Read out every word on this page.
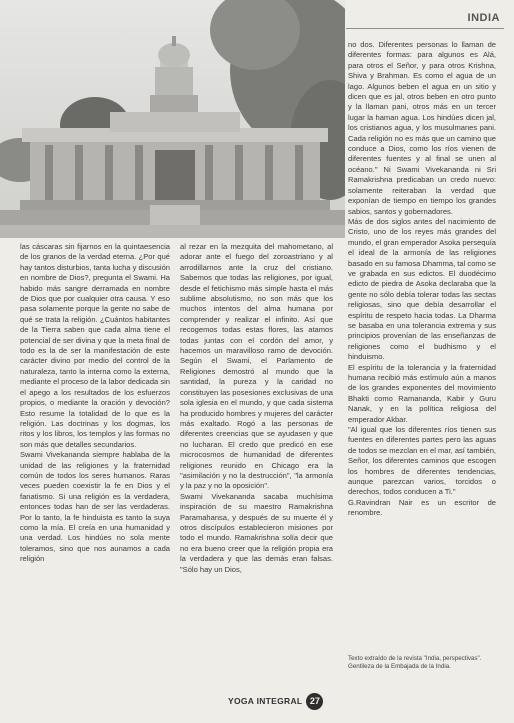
INDIA

las cáscaras sin fijarnos en la quintaesencia de los granos de la verdad eterna. ¿Por qué hay tantos disturbios, tanta lucha y discusión en nombre de Dios?, pregunta el Swami. Ha habido más sangre derramada en nombre de Dios que por cualquier otra causa. Y eso pasa solamente porque la gente no sabe de qué se trata la religión. ¿Cuántos habitantes de la Tierra saben que cada alma tiene el potencial de ser divina y que la meta final de todo es la de ser la manifestación de este carácter divino por medio del control de la naturaleza, tanto la interna como la externa, mediante el proceso de la labor dedicada sin el apego a los resultados de los esfuerzos propios, o mediante la oración y devoción? Esto resume la totalidad de lo que es la religión. Las doctrinas y los dogmas, los ritos y los libros, los templos y las formas no son más que detalles secundarios.

Swami Vivekananda siempre hablaba de la unidad de las religiones y la fraternidad común de todos los seres humanos. Raras veces pueden coexistir la fe en Dios y el fanatismo. Si una religión es la verdadera, entonces todas han de ser las verdaderas. Por lo tanto, la fe hinduista es tanto la suya como la mía. El creía en una humanidad y una verdad. Los hindúes no sola mente toleramos, sino que nos aunamos a cada religión

al rezar en la mezquita del mahometano, al adorar ante el fuego del zoroastriano y al arrodillarnos ante la cruz del cristiano. Sabemos que todas las religiones, por igual, desde el fetichismo más simple hasta el más sublime absolutismo, no son más que los muchos intentos del alma humana por comprender y realizar el infinito. Así que recogemos todas estas flores, las atamos todas juntas con el cordón del amor, y hacemos un maravilloso ramo de devoción. Según el Swami, el Parlamento de Religiones demostró al mundo que la santidad, la pureza y la caridad no constituyen las posesiones exclusivas de una sola iglesia en el mundo, y que cada sistema ha producido hombres y mujeres del carácter más exaltado. Rogó a las personas de diferentes creencias que se ayudasen y que no lucharan. El credo que predicó en ese microcosmos de humanidad de diferentes religiones reunido en Chicago era la "asimilación y no la destrucción", "la armonía y la paz y no la oposición".

Swami Vivekananda sacaba muchísima inspiración de su maestro Ramakrishna Paramahansa, y después de su muerte él y otros discípulos establecieron misiones por todo el mundo. Ramakrishna solía decir que no era bueno creer que la religión propia era la verdadera y que las demás eran falsas. "Sólo hay un Dios,

no dos. Diferentes personas lo llaman de diferentes formas: para algunos es Alá, para otros el Señor, y para otros Krishna, Shiva y Brahman. Es como el agua de un lago. Algunos beben el agua en un sitio y dicen que es jal, otros beben en otro punto y la llaman pani, otros más en un tercer lugar la haman agua. Los hindúes dicen jal, los cristianos agua, y los musulmanes pani. Cada religión no es más que un camino que conduce a Dios, como los ríos vienen de diferentes fuentes y al final se unen al océano." Ni Swami Vivekananda ni Sri Ramakrishna predicaban un credo nuevo: solamente reiteraban la verdad que exponían de tiempo en tiempo los grandes sabios, santos y gobernadores.

Más de dos siglos antes del nacimiento de Cristo, uno de los reyes más grandes del mundo, el gran emperador Asoka persequía el ideal de la armonía de las religiones basado en su famosa Dhamma, tal como se ve grabada en sus edictos. El duodécimo edicto de piedra de Asoka declaraba que la gente no sólo debía tolerar todas las sectas religiosas, sino que debía desarrollar el espíritu de respeto hacia todas. La Dharma se basaba en una tolerancia extrema y sus principios provenían de las enseñanzas de religiones como el budhismo y el hinduismo.

El espíritu de la tolerancia y la fraternidad humana recibió más estímulo aún a manos de los grandes exponentes del movimiento Bhakti como Ramananda, Kabir y Guru Nanak, y en la política religiosa del emperador Akbar.

"Al igual que los diferentes ríos tienen sus fuentes en diferentes partes pero las aguas de todos se mezclan en el mar, así también, Señor, los diferentes caminos que escogen los hombres de diferentes tendencias, aunque parezcan varios, torcidos o derechos, todos conducen a Ti."

G.Ravindran Nair es un escritor de renombre.

Texto extraído de la revista "India, perspectivas". Gentileza de la Embajada de la India.
YOGA INTEGRAL 27
